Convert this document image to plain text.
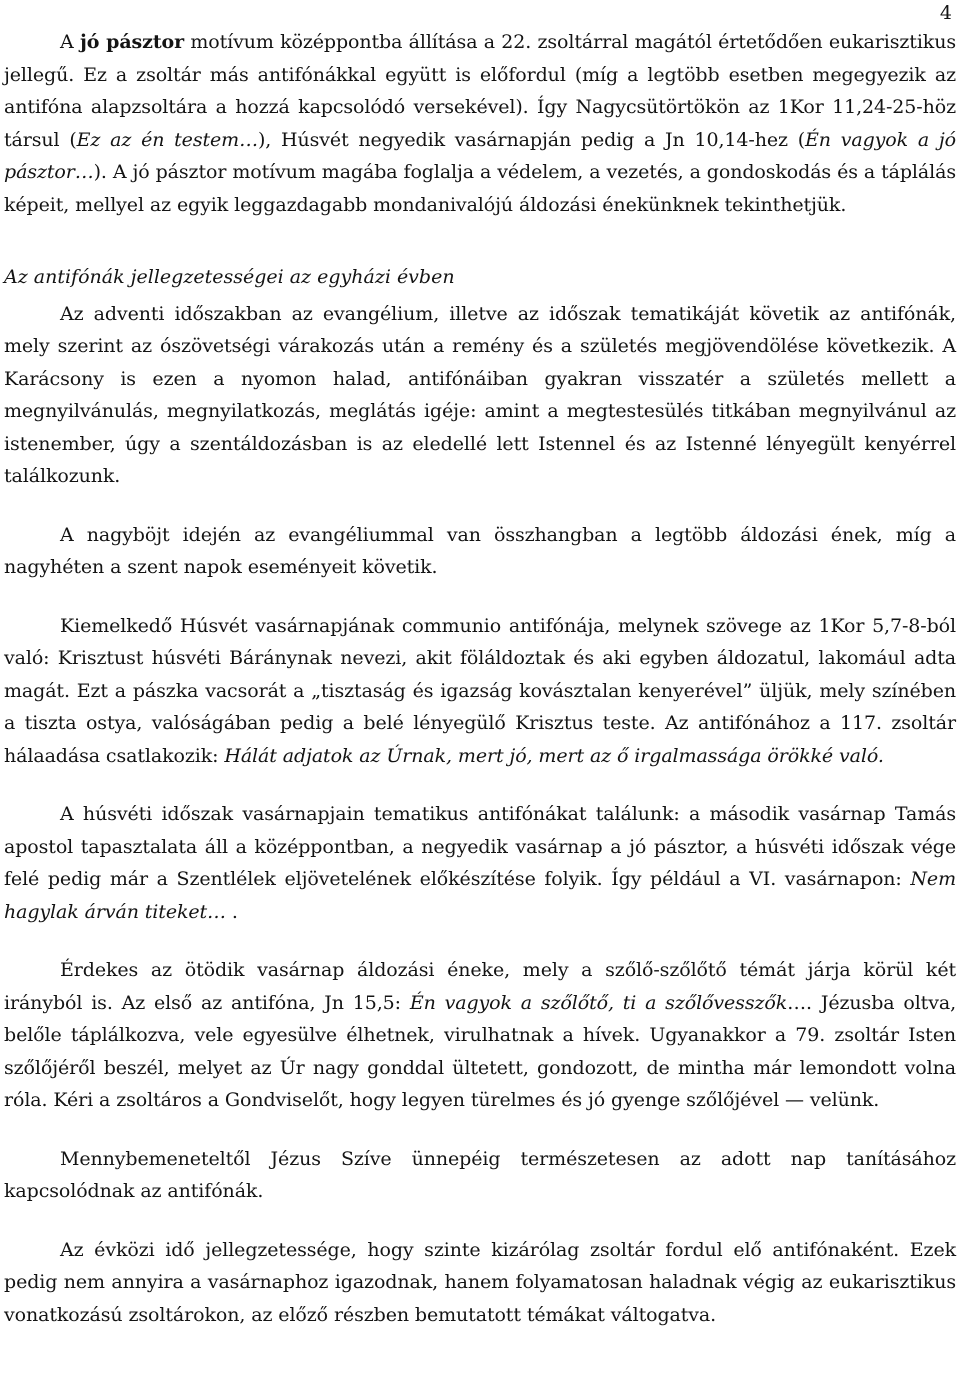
4

A jó pásztor motívum középpontba állítása a 22. zsoltárral magától értetődően eukarisztikus jellegű. Ez a zsoltár más antifónákkal együtt is előfordul (míg a legtöbb esetben megegyezik az antifóna alapzsoltára a hozzá kapcsolódó versekével). Így Nagycsütörtökön az 1Kor 11,24-25-höz társul (Ez az én testem…), Húsvét negyedik vasárnapján pedig a Jn 10,14-hez (Én vagyok a jó pásztor…). A jó pásztor motívum magába foglalja a védelem, a vezetés, a gondoskodás és a táplálás képeit, mellyel az egyik leggazdagabb mondanivalójú áldozási énekünknek tekinthetjük.

Az antifónák jellegzetességei az egyházi évben

Az adventi időszakban az evangélium, illetve az időszak tematikáját követik az antifónák, mely szerint az ószövetségi várakozás után a remény és a születés megjövendölése következik. A Karácsony is ezen a nyomon halad, antifónáiban gyakran visszatér a születés mellett a megnyilvánulás, megnyilatkozás, meglátás igéje: amint a megtestesülés titkában megnyilvánul az istenember, úgy a szentáldozásban is az eledellé lett Istennel és az Istenné lényegült kenyérrel találkozunk.

A nagyböjt idején az evangéliummal van összhangban a legtöbb áldozási ének, míg a nagyhéten a szent napok eseményeit követik.

Kiemelkedő Húsvét vasárnapjának communio antifónája, melynek szövege az 1Kor 5,7-8-ból való: Krisztust húsvéti Báránynak nevezi, akit föláldoztak és aki egyben áldozatul, lakomául adta magát. Ezt a pászka vacsorát a „tisztaság és igazság kovásztalan kenyerével” üljük, mely színében a tiszta ostya, valóságában pedig a belé lényegülő Krisztus teste. Az antifónához a 117. zsoltár hálaadása csatlakozik: Hálát adjatok az Úrnak, mert jó, mert az ő irgalmassága örökké való.

A húsvéti időszak vasárnapjain tematikus antifónákat találunk: a második vasárnap Tamás apostol tapasztalata áll a középpontban, a negyedik vasárnap a jó pásztor, a húsvéti időszak vége felé pedig már a Szentlélek eljövetelének előkészítése folyik. Így például a VI. vasárnapon: Nem hagylak árván titeket… .

Érdekes az ötödik vasárnap áldozási éneke, mely a szőlő-szőlőtő témát járja körül két irányból is. Az első az antifóna, Jn 15,5: Én vagyok a szőlőtő, ti a szőlővesszők…. Jézusba oltva, belőle táplálkozva, vele egyesülve élhetnek, virulhatnak a hívek. Ugyanakkor a 79. zsoltár Isten szőlőjéről beszél, melyet az Úr nagy gonddal ültetett, gondozott, de mintha már lemondott volna róla. Kéri a zsoltáros a Gondviselőt, hogy legyen türelmes és jó gyenge szőlőjével — velünk.

Mennybemeneteltől Jézus Szíve ünnepéig természetesen az adott nap tanításához kapcsolódnak az antifónák.

Az évközi idő jellegzetessége, hogy szinte kizárólag zsoltár fordul elő antifónaként. Ezek pedig nem annyira a vasárnaphoz igazodnak, hanem folyamatosan haladnak végig az eukarisztikus vonatkozású zsoltárokon, az előző részben bemutatott témákat váltogatva.
